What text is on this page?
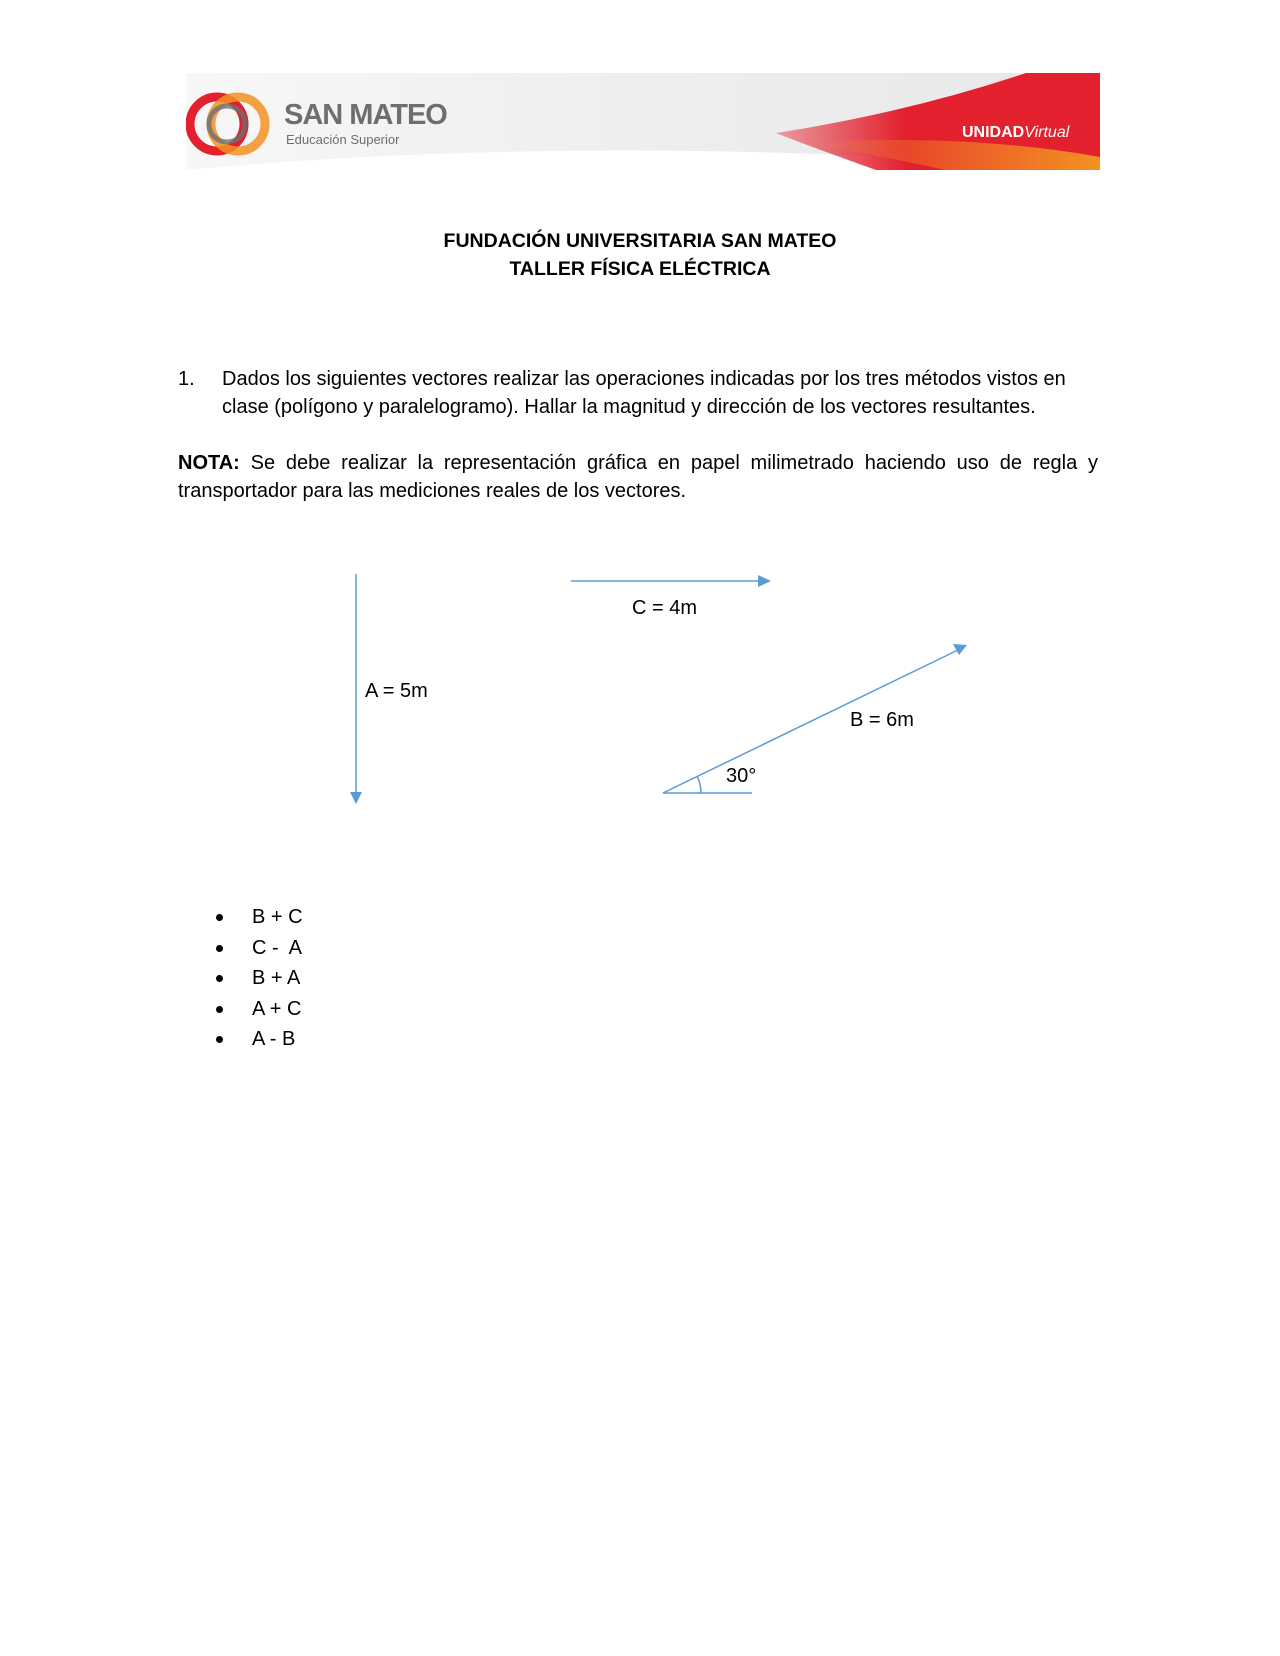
SAN MATEO
Educación Superior	UNIDADVirtual
FUNDACIÓN UNIVERSITARIA SAN MATEO
TALLER FÍSICA ELÉCTRICA
1. Dados los siguientes vectores realizar las operaciones indicadas por los tres métodos vistos en clase (polígono y paralelogramo). Hallar la magnitud y dirección de los vectores resultantes.
NOTA: Se debe realizar la representación gráfica en papel milimetrado haciendo uso de regla y transportador para las mediciones reales de los vectores.
A = 5m
C = 4m
B = 6m
30°
B + C
C -  A
B + A
A + C
A - B
